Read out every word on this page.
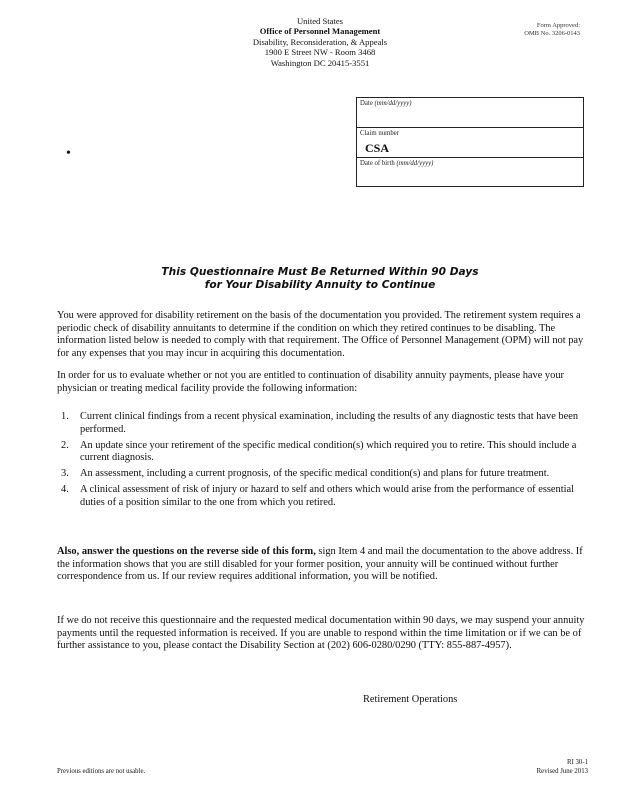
United States
Office of Personnel Management
Disability, Reconsideration, & Appeals
1900 E Street NW - Room 3468
Washington DC 20415-3551
Form Approved:
OMB No. 3206-0143
•
Date (mm/dd/yyyy)
Claim number
CSA
Date of birth (mm/dd/yyyy)
This Questionnaire Must Be Returned Within 90 Days
for Your Disability Annuity to Continue
You were approved for disability retirement on the basis of the documentation you provided. The retirement system requires a periodic check of disability annuitants to determine if the condition on which they retired continues to be disabling. The information listed below is needed to comply with that requirement. The Office of Personnel Management (OPM) will not pay for any expenses that you may incur in acquiring this documentation.
In order for us to evaluate whether or not you are entitled to continuation of disability annuity payments, please have your physician or treating medical facility provide the following information:
1. Current clinical findings from a recent physical examination, including the results of any diagnostic tests that have been performed.
2. An update since your retirement of the specific medical condition(s) which required you to retire. This should include a current diagnosis.
3. An assessment, including a current prognosis, of the specific medical condition(s) and plans for future treatment.
4. A clinical assessment of risk of injury or hazard to self and others which would arise from the performance of essential duties of a position similar to the one from which you retired.
Also, answer the questions on the reverse side of this form, sign Item 4 and mail the documentation to the above address. If the information shows that you are still disabled for your former position, your annuity will be continued without further correspondence from us. If our review requires additional information, you will be notified.
If we do not receive this questionnaire and the requested medical documentation within 90 days, we may suspend your annuity payments until the requested information is received. If you are unable to respond within the time limitation or if we can be of further assistance to you, please contact the Disability Section at (202) 606-0280/0290 (TTY: 855-887-4957).
Retirement Operations
Previous editions are not usable.
RI 30-1
Revised June 2013
